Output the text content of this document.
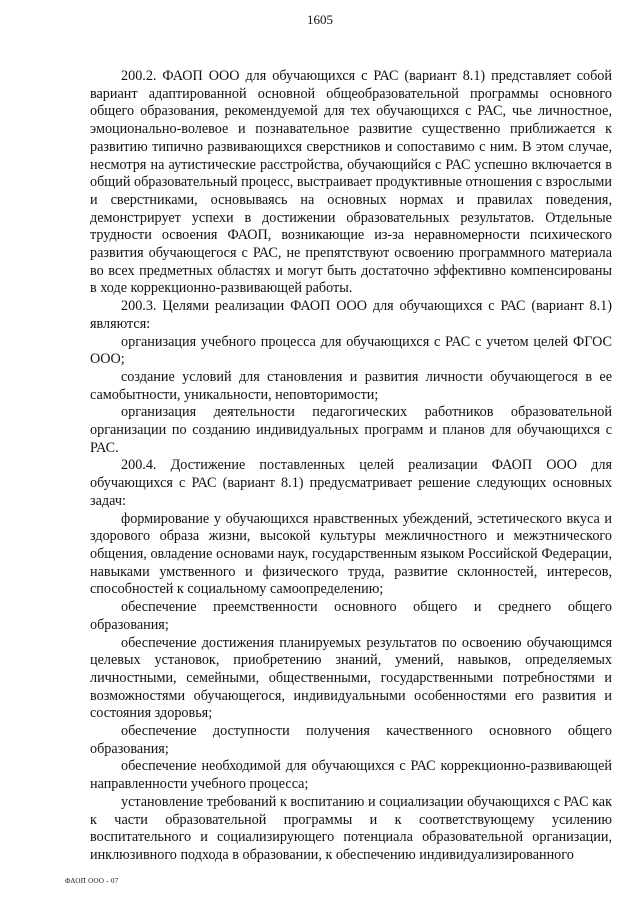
1605

200.2. ФАОП ООО для обучающихся с РАС (вариант 8.1) представляет собой вариант адаптированной основной общеобразовательной программы основного общего образования, рекомендуемой для тех обучающихся с РАС, чье личностное, эмоционально-волевое и познавательное развитие существенно приближается к развитию типично развивающихся сверстников и сопоставимо с ним. В этом случае, несмотря на аутистические расстройства, обучающийся с РАС успешно включается в общий образовательный процесс, выстраивает продуктивные отношения с взрослыми и сверстниками, основываясь на основных нормах и правилах поведения, демонстрирует успехи в достижении образовательных результатов. Отдельные трудности освоения ФАОП, возникающие из-за неравномерности психического развития обучающегося с РАС, не препятствуют освоению программного материала во всех предметных областях и могут быть достаточно эффективно компенсированы в ходе коррекционно-развивающей работы.

200.3. Целями реализации ФАОП ООО для обучающихся с РАС (вариант 8.1) являются:

организация учебного процесса для обучающихся с РАС с учетом целей ФГОС ООО;

создание условий для становления и развития личности обучающегося в ее самобытности, уникальности, неповторимости;

организация деятельности педагогических работников образовательной организации по созданию индивидуальных программ и планов для обучающихся с РАС.

200.4. Достижение поставленных целей реализации ФАОП ООО для обучающихся с РАС (вариант 8.1) предусматривает решение следующих основных задач:

формирование у обучающихся нравственных убеждений, эстетического вкуса и здорового образа жизни, высокой культуры межличностного и межэтнического общения, овладение основами наук, государственным языком Российской Федерации, навыками умственного и физического труда, развитие склонностей, интересов, способностей к социальному самоопределению;

обеспечение преемственности основного общего и среднего общего образования;

обеспечение достижения планируемых результатов по освоению обучающимся целевых установок, приобретению знаний, умений, навыков, определяемых личностными, семейными, общественными, государственными потребностями и возможностями обучающегося, индивидуальными особенностями его развития и состояния здоровья;

обеспечение доступности получения качественного основного общего образования;

обеспечение необходимой для обучающихся с РАС коррекционно-развивающей направленности учебного процесса;

установление требований к воспитанию и социализации обучающихся с РАС как к части образовательной программы и к соответствующему усилению воспитательного и социализирующего потенциала образовательной организации, инклюзивного подхода в образовании, к обеспечению индивидуализированного

ФАОП ООО - 07
